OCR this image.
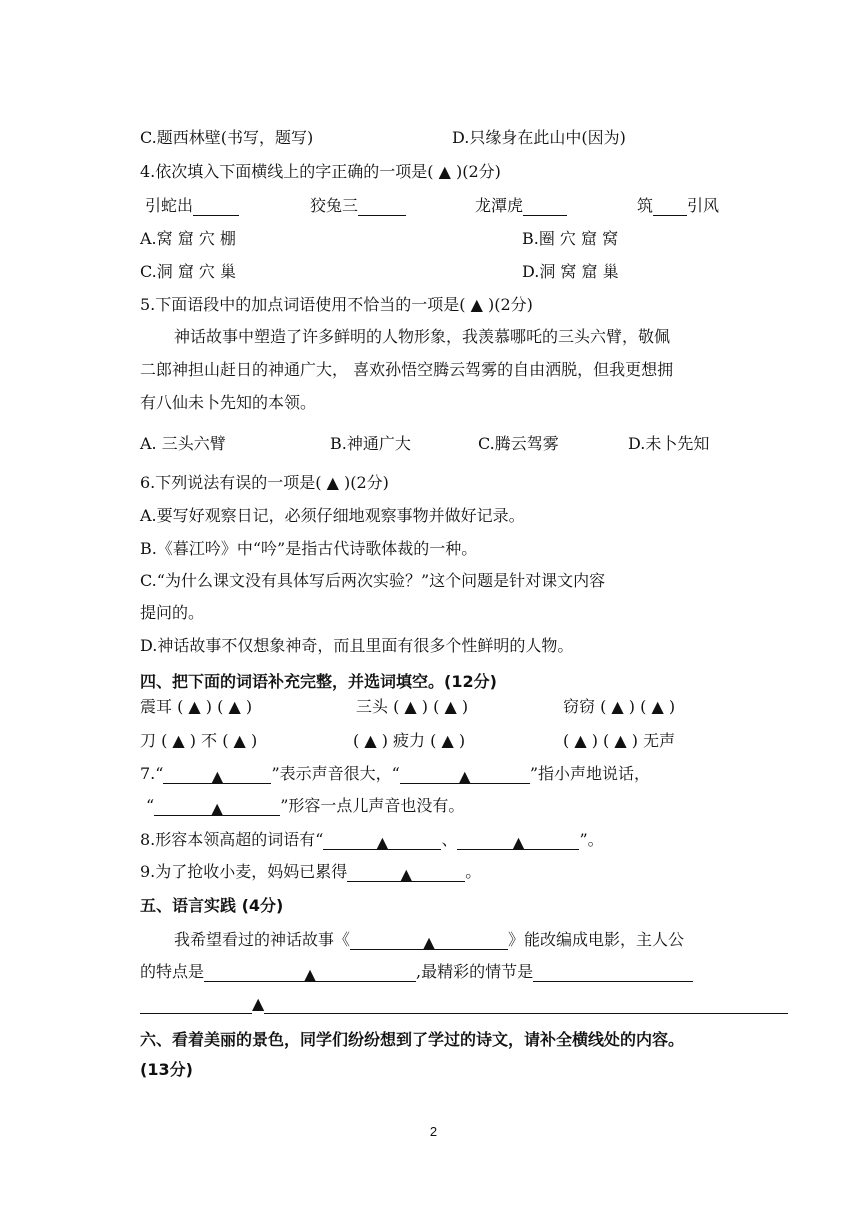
C.题西林壁(书写，题写)	D.只缘身在此山中(因为)
4.依次填入下面横线上的字正确的一项是( ▲ )(2分)
引蛇出	狡兔三	龙潭虎	筑 引风
A.窝 窟 穴 棚	B.圈 穴 窟 窝
C.洞 窟 穴 巢	D.洞 窝 窟 巢
5.下面语段中的加点词语使用不恰当的一项是( ▲ )(2分)
神话故事中塑造了许多鲜明的人物形象，我羡慕哪吒的三头六臂，敬佩
二郎神担山赶日的神通广大， 喜欢孙悟空腾云驾雾的自由洒脱，但我更想拥
有八仙未卜先知的本领。
A. 三头六臂	B.神通广大	C.腾云驾雾	D.未卜先知
6.下列说法有误的一项是( ▲ )(2分)
A.要写好观察日记，必须仔细地观察事物并做好记录。
B.《暮江吟》中“吟”是指古代诗歌体裁的一种。
C.“为什么课文没有具体写后两次实验？”这个问题是针对课文内容
提问的。
D.神话故事不仅想象神奇，而且里面有很多个性鲜明的人物。
四、把下面的词语补充完整，并选词填空。(12分)
震耳 ( ▲ ) ( ▲ )	三头 ( ▲ ) ( ▲ )	窃窃 ( ▲ ) ( ▲ )
刀 ( ▲ ) 不 ( ▲ )	( ▲ ) 疲力 ( ▲ )	( ▲ ) ( ▲ ) 无声
7.“	▲	”表示声音很大，“	▲	”指小声地说话，
“	▲	”形容一点儿声音也没有。
8.形容本领高超的词语有“	▲	、	▲	”。
9.为了抢收小麦，妈妈已累得	▲	。
五、语言实践 (4分)
我希望看过的神话故事《	▲	》能改编成电影，主人公
的特点是	▲	,最精彩的情节是
▲
六、看着美丽的景色，同学们纷纷想到了学过的诗文，请补全横线处的内容。
(13分)
2
